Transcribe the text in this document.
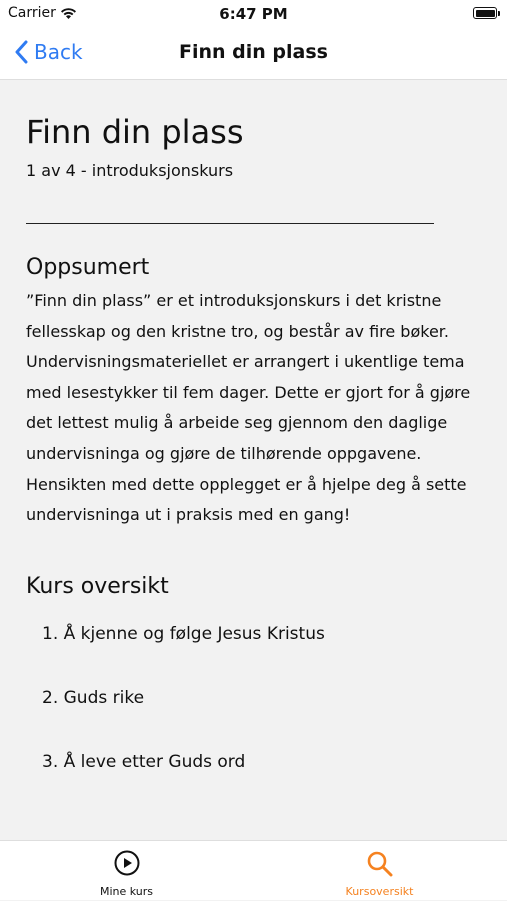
Carrier	6:47 PM
Back	Finn din plass
Finn din plass
1 av 4 - introduksjonskurs
Oppsumert
”Finn din plass” er et introduksjonskurs i det kristne fellesskap og den kristne tro, og består av fire bøker. Undervisningsmateriellet er arrangert i ukentlige tema med lesestykker til fem dager. Dette er gjort for å gjøre det lettest mulig å arbeide seg gjennom den daglige undervisninga og gjøre de tilhørende oppgavene. Hensikten med dette opplegget er å hjelpe deg å sette undervisninga ut i praksis med en gang!
Kurs oversikt
1. Å kjenne og følge Jesus Kristus
2. Guds rike
3. Å leve etter Guds ord
Mine kurs	Kursoversikt
